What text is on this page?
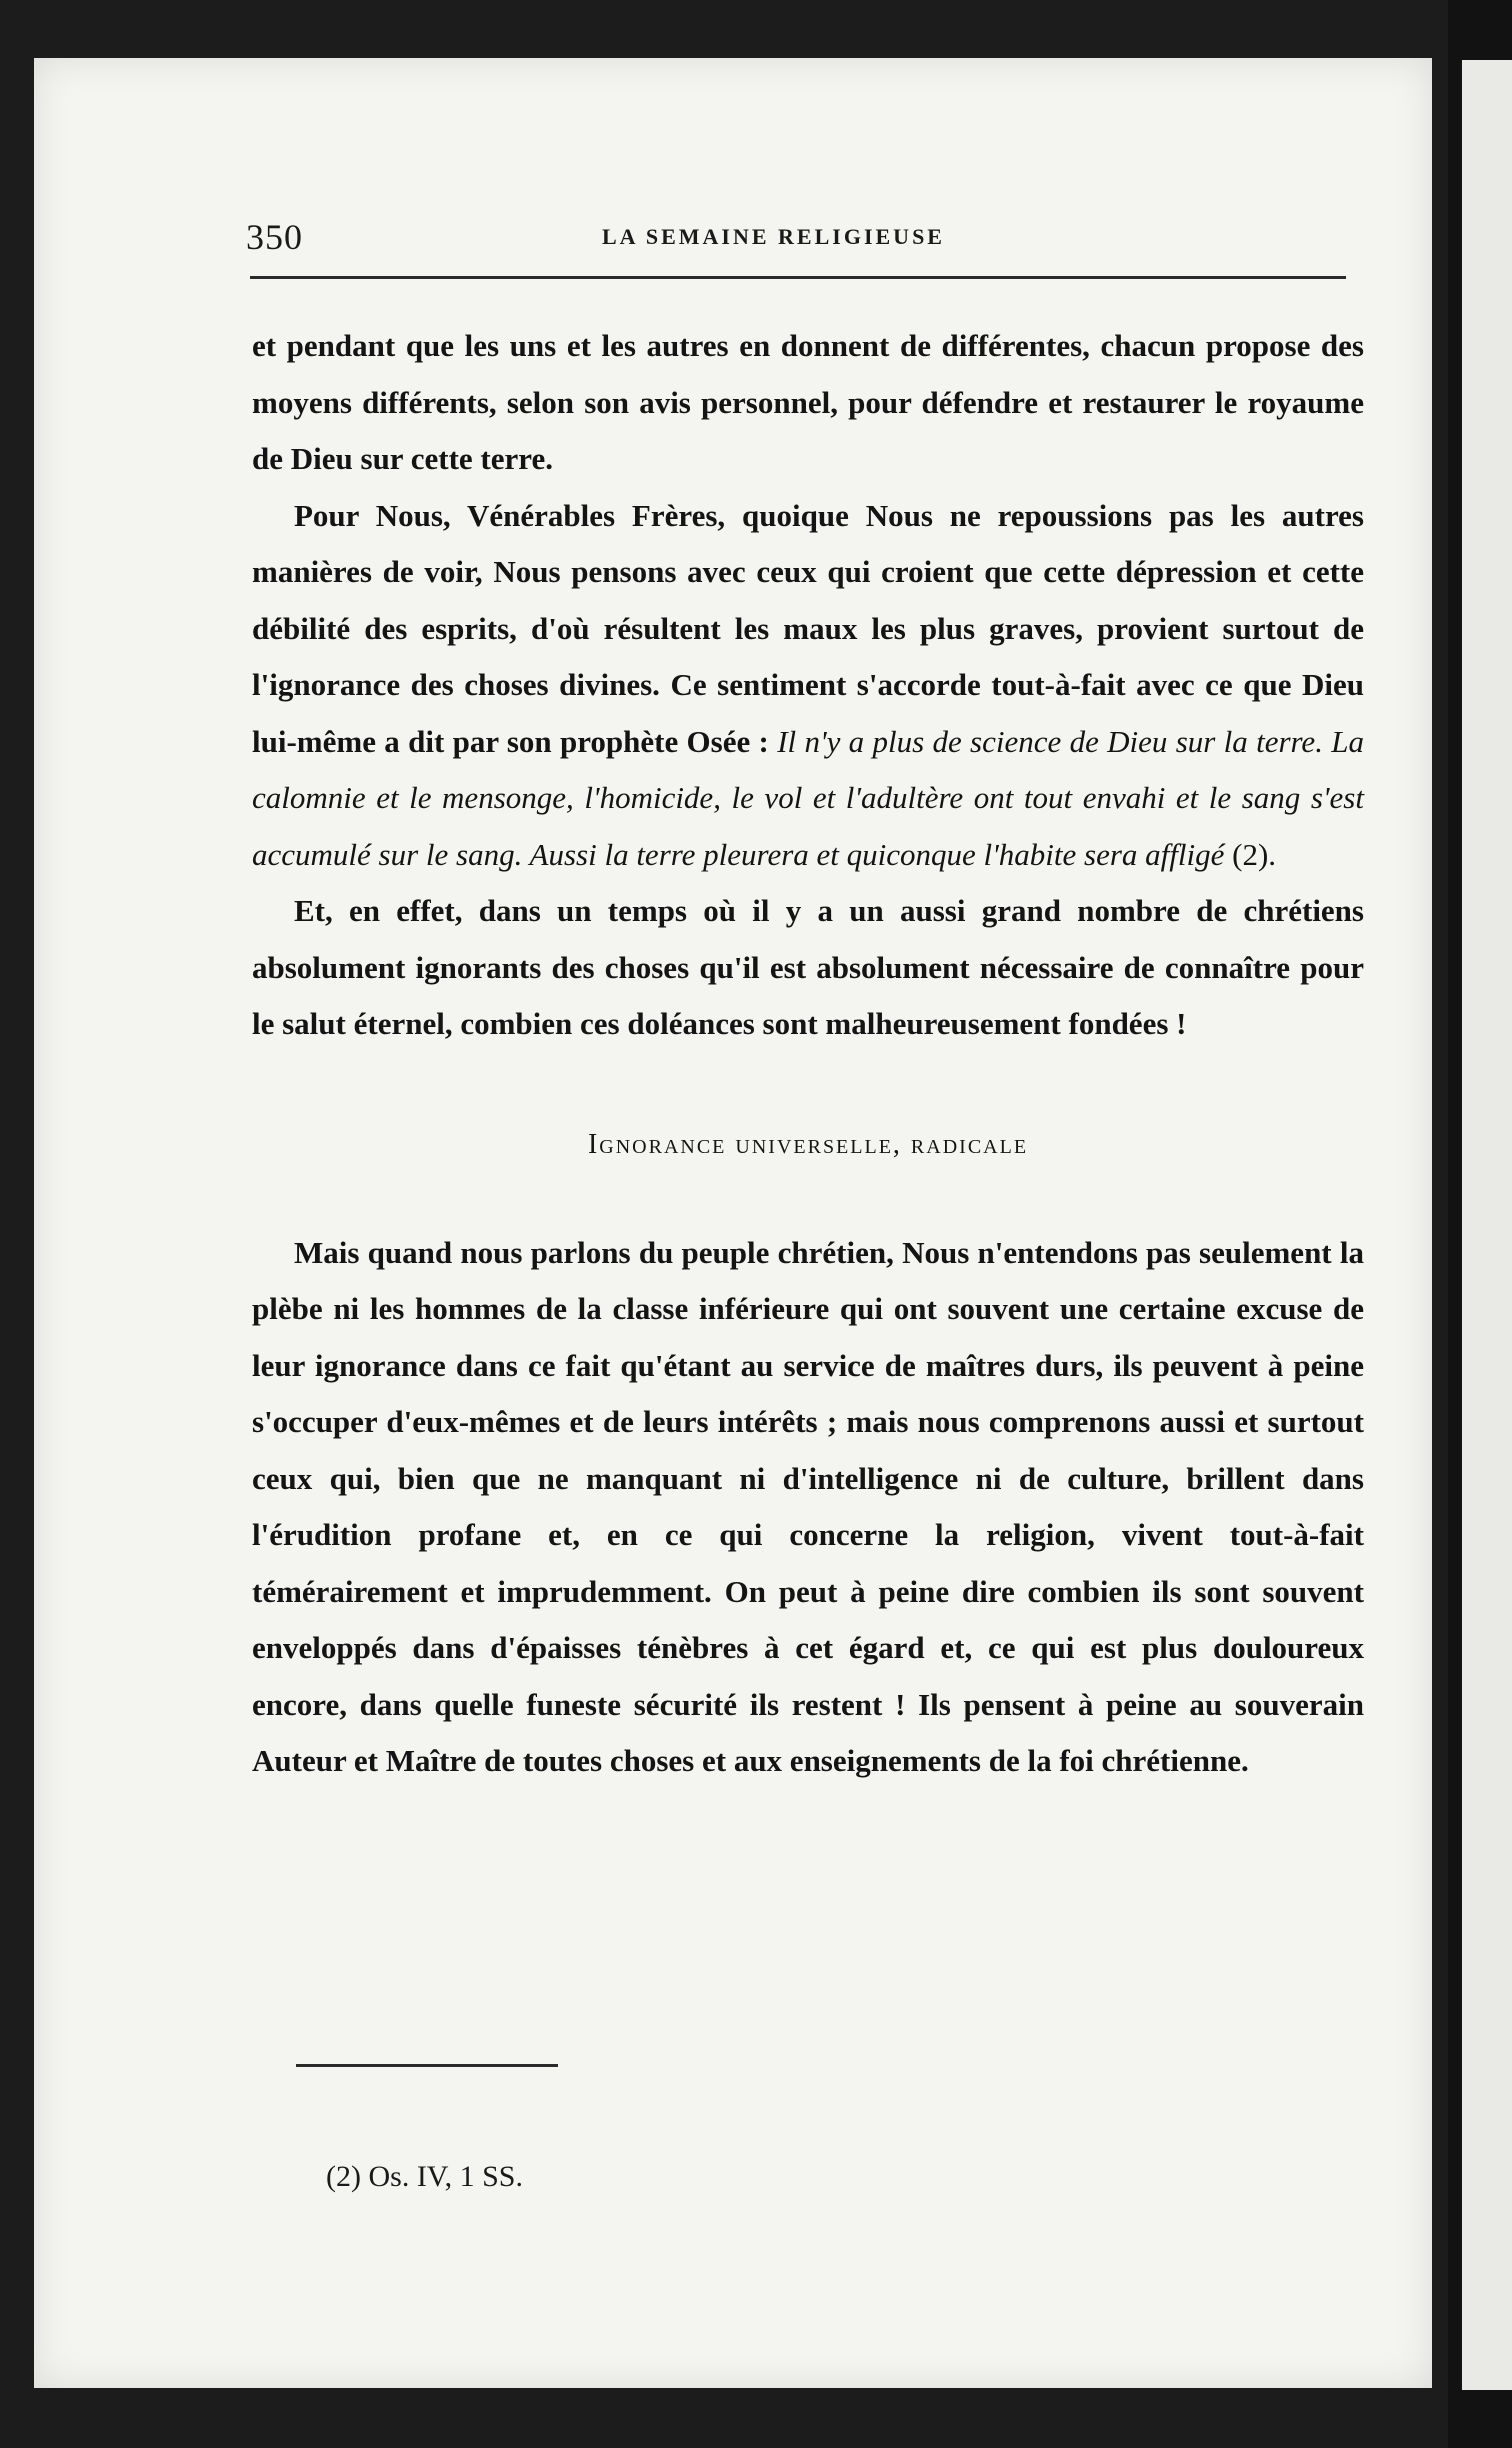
350	LA SEMAINE RELIGIEUSE

et pendant que les uns et les autres en donnent de différentes, chacun propose des moyens différents, selon son avis personnel, pour défendre et restaurer le royaume de Dieu sur cette terre.

Pour Nous, Vénérables Frères, quoique Nous ne repoussions pas les autres manières de voir, Nous pensons avec ceux qui croient que cette dépression et cette débilité des esprits, d'où résultent les maux les plus graves, provient surtout de l'ignorance des choses divines. Ce sentiment s'accorde tout-à-fait avec ce que Dieu lui-même a dit par son prophète Osée : Il n'y a plus de science de Dieu sur la terre. La calomnie et le mensonge, l'homicide, le vol et l'adultère ont tout envahi et le sang s'est accumulé sur le sang. Aussi la terre pleurera et quiconque l'habite sera affligé (2).

Et, en effet, dans un temps où il y a un aussi grand nombre de chrétiens absolument ignorants des choses qu'il est absolument nécessaire de connaître pour le salut éternel, combien ces doléances sont malheureusement fondées !

Ignorance universelle, radicale

Mais quand nous parlons du peuple chrétien, Nous n'entendons pas seulement la plèbe ni les hommes de la classe inférieure qui ont souvent une certaine excuse de leur ignorance dans ce fait qu'étant au service de maîtres durs, ils peuvent à peine s'occuper d'eux-mêmes et de leurs intérêts ; mais nous comprenons aussi et surtout ceux qui, bien que ne manquant ni d'intelligence ni de culture, brillent dans l'érudition profane et, en ce qui concerne la religion, vivent tout-à-fait témérairement et imprudemment. On peut à peine dire combien ils sont souvent enveloppés dans d'épaisses ténèbres à cet égard et, ce qui est plus douloureux encore, dans quelle funeste sécurité ils restent ! Ils pensent à peine au souverain Auteur et Maître de toutes choses et aux enseignements de la foi chrétienne.

(2) Os. IV, 1 SS.
